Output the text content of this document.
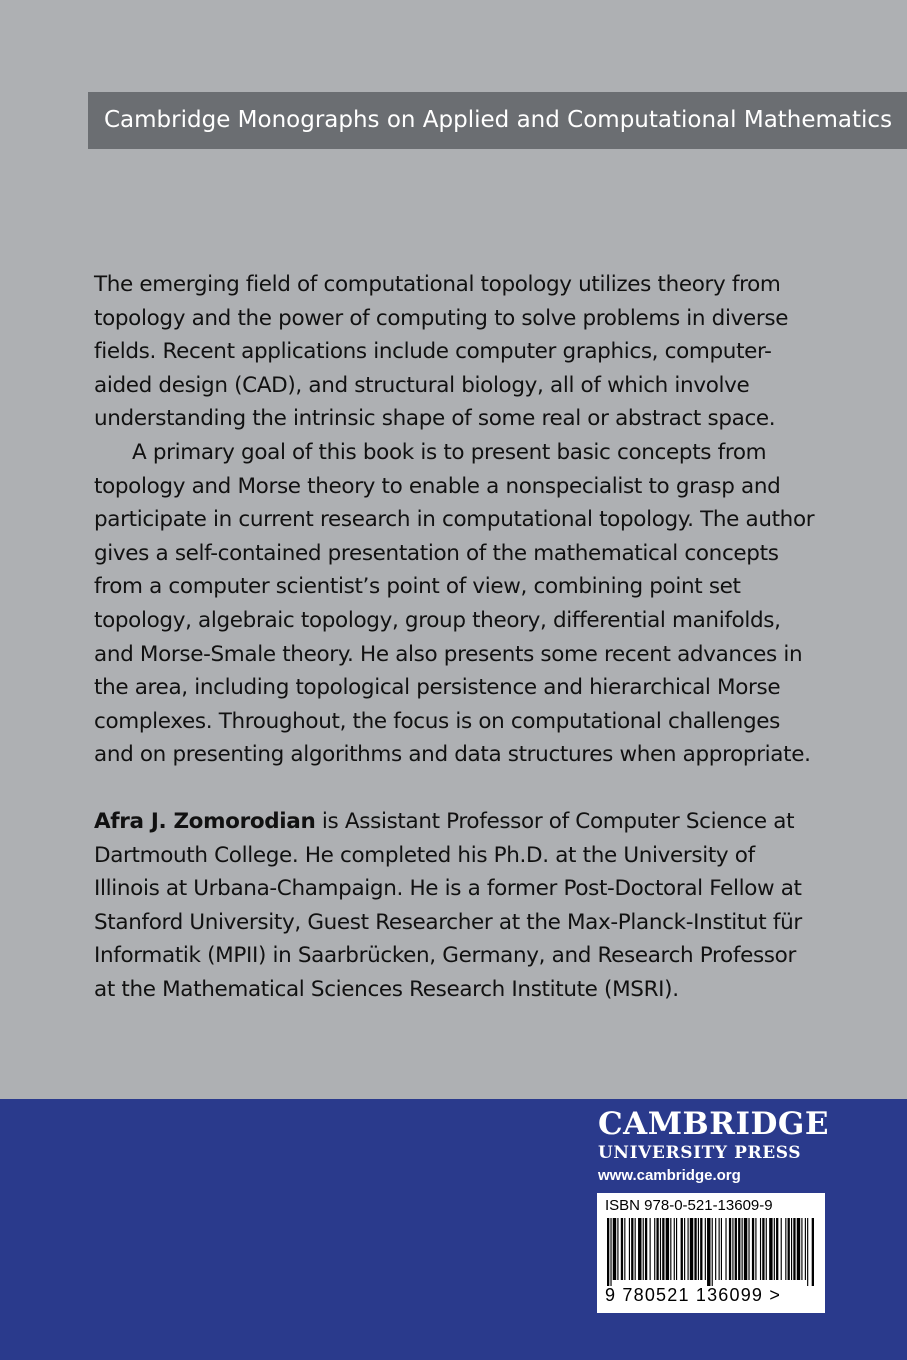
Cambridge Monographs on Applied and Computational Mathematics

The emerging field of computational topology utilizes theory from topology and the power of computing to solve problems in diverse fields. Recent applications include computer graphics, computer-aided design (CAD), and structural biology, all of which involve understanding the intrinsic shape of some real or abstract space.

A primary goal of this book is to present basic concepts from topology and Morse theory to enable a nonspecialist to grasp and participate in current research in computational topology. The author gives a self-contained presentation of the mathematical concepts from a computer scientist’s point of view, combining point set topology, algebraic topology, group theory, differential manifolds, and Morse-Smale theory. He also presents some recent advances in the area, including topological persistence and hierarchical Morse complexes. Throughout, the focus is on computational challenges and on presenting algorithms and data structures when appropriate.

Afra J. Zomorodian is Assistant Professor of Computer Science at Dartmouth College. He completed his Ph.D. at the University of Illinois at Urbana-Champaign. He is a former Post-Doctoral Fellow at Stanford University, Guest Researcher at the Max-Planck-Institut für Informatik (MPII) in Saarbrücken, Germany, and Research Professor at the Mathematical Sciences Research Institute (MSRI).
CAMBRIDGE
UNIVERSITY PRESS
www.cambridge.org
ISBN 978-0-521-13609-9
9 780521 136099 >
